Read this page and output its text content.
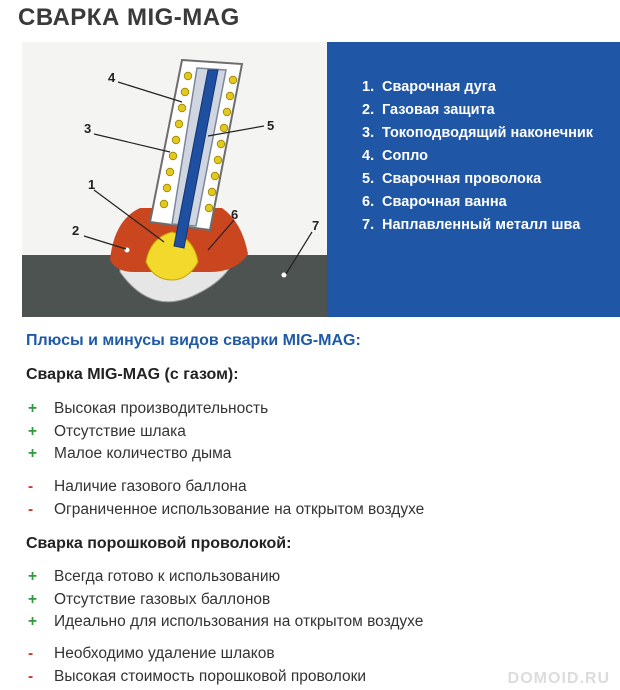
СВАРКА MIG-MAG
1
2
3
4
5
6
7
1. Сварочная дуга
2. Газовая защита
3. Токоподводящий наконечник
4. Сопло
5. Сварочная проволока
6. Сварочная ванна
7. Наплавленный металл шва
Плюсы и минусы видов сварки MIG-MAG:
Сварка MIG-MAG (с газом):
+	Высокая производительность
+	Отсутствие шлака
+	Малое количество дыма
-	Наличие газового баллона
-	Ограниченное использование на открытом воздухе
Сварка порошковой проволокой:
+	Всегда готово к использованию
+	Отсутствие газовых баллонов
+	Идеально для использования на открытом воздухе
-	Необходимо удаление шлаков
-	Высокая стоимость порошковой проволоки	DOMOID.RU
